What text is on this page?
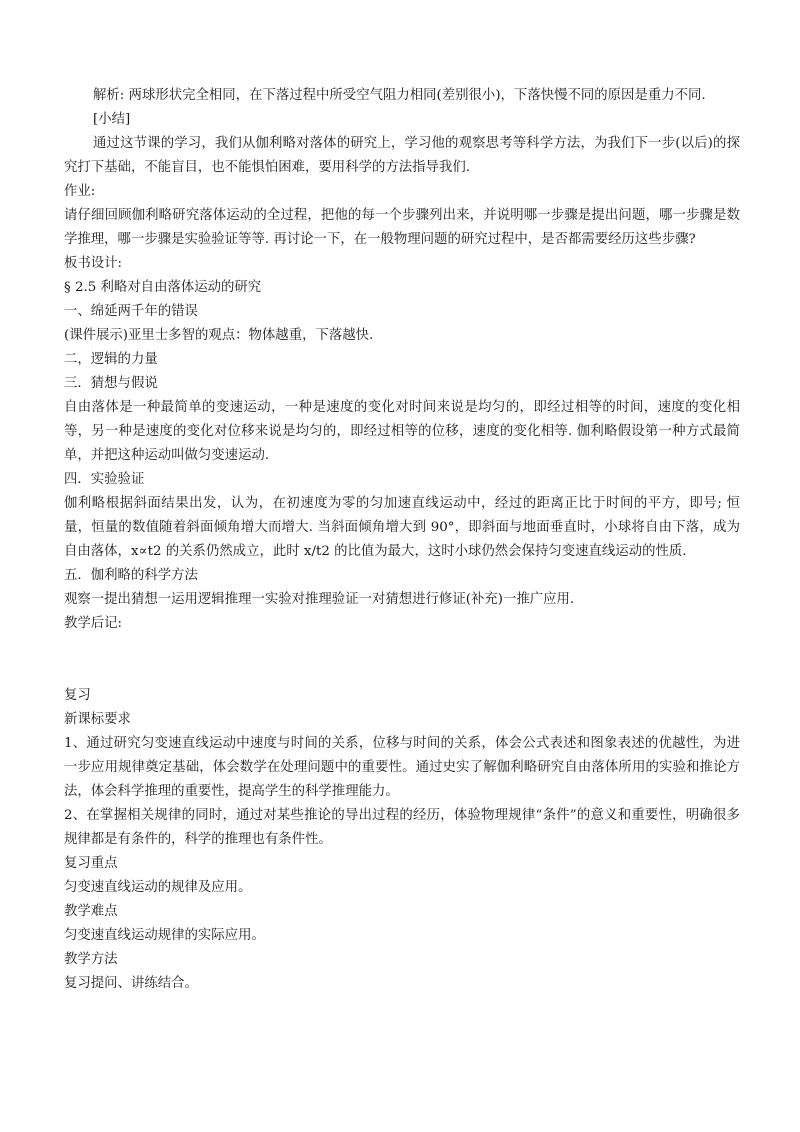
解析: 两球形状完全相同，在下落过程中所受空气阻力相同(差别很小)，下落快慢不同的原因是重力不同.

[小结]

通过这节课的学习，我们从伽利略对落体的研究上，学习他的观察思考等科学方法，为我们下一步(以后)的探究打下基础，不能盲目，也不能惧怕困难，要用科学的方法指导我们.

作业:

请仔细回顾伽利略研究落体运动的全过程，把他的每一个步骤列出来，并说明哪一步骤是提出问题，哪一步骤是数学推理，哪一步骤是实验验证等等. 再讨论一下，在一般物理问题的研究过程中，是否都需要经历这些步骤?

板书设计:

§ 2.5 利略对自由落体运动的研究

一、绵延两千年的错误

(课件展示)亚里士多智的观点：物体越重，下落越快.

二，逻辑的力量

三．猜想与假说

自由落体是一种最简单的变速运动，一种是速度的变化对时间来说是均匀的，即经过相等的时间，速度的变化相等，另一种是速度的变化对位移来说是均匀的，即经过相等的位移，速度的变化相等. 伽利略假设第一种方式最简单，并把这种运动叫做匀变速运动.

四．实验验证

伽利略根据斜面结果出发，认为，在初速度为零的匀加速直线运动中，经过的距离正比于时间的平方，即号; 恒量，恒量的数值随着斜面倾角增大而增大. 当斜面倾角增大到 90°，即斜面与地面垂直时，小球将自由下落，成为自由落体，x∝t2 的关系仍然成立，此时 x/t2 的比值为最大，这时小球仍然会保持匀变速直线运动的性质.

五．伽利略的科学方法

观察一提出猜想一运用逻辑推理一实验对推理验证一对猜想进行修证(补充)一推广应用.

教学后记:

复习

新课标要求

1、通过研究匀变速直线运动中速度与时间的关系，位移与时间的关系，体会公式表述和图象表述的优越性，为进一步应用规律奠定基础，体会数学在处理问题中的重要性。通过史实了解伽利略研究自由落体所用的实验和推论方法，体会科学推理的重要性，提高学生的科学推理能力。

2、在掌握相关规律的同时，通过对某些推论的导出过程的经历，体验物理规律“条件”的意义和重要性，明确很多规律都是有条件的，科学的推理也有条件性。

复习重点

匀变速直线运动的规律及应用。

教学难点

匀变速直线运动规律的实际应用。

教学方法

复习提问、讲练结合。
